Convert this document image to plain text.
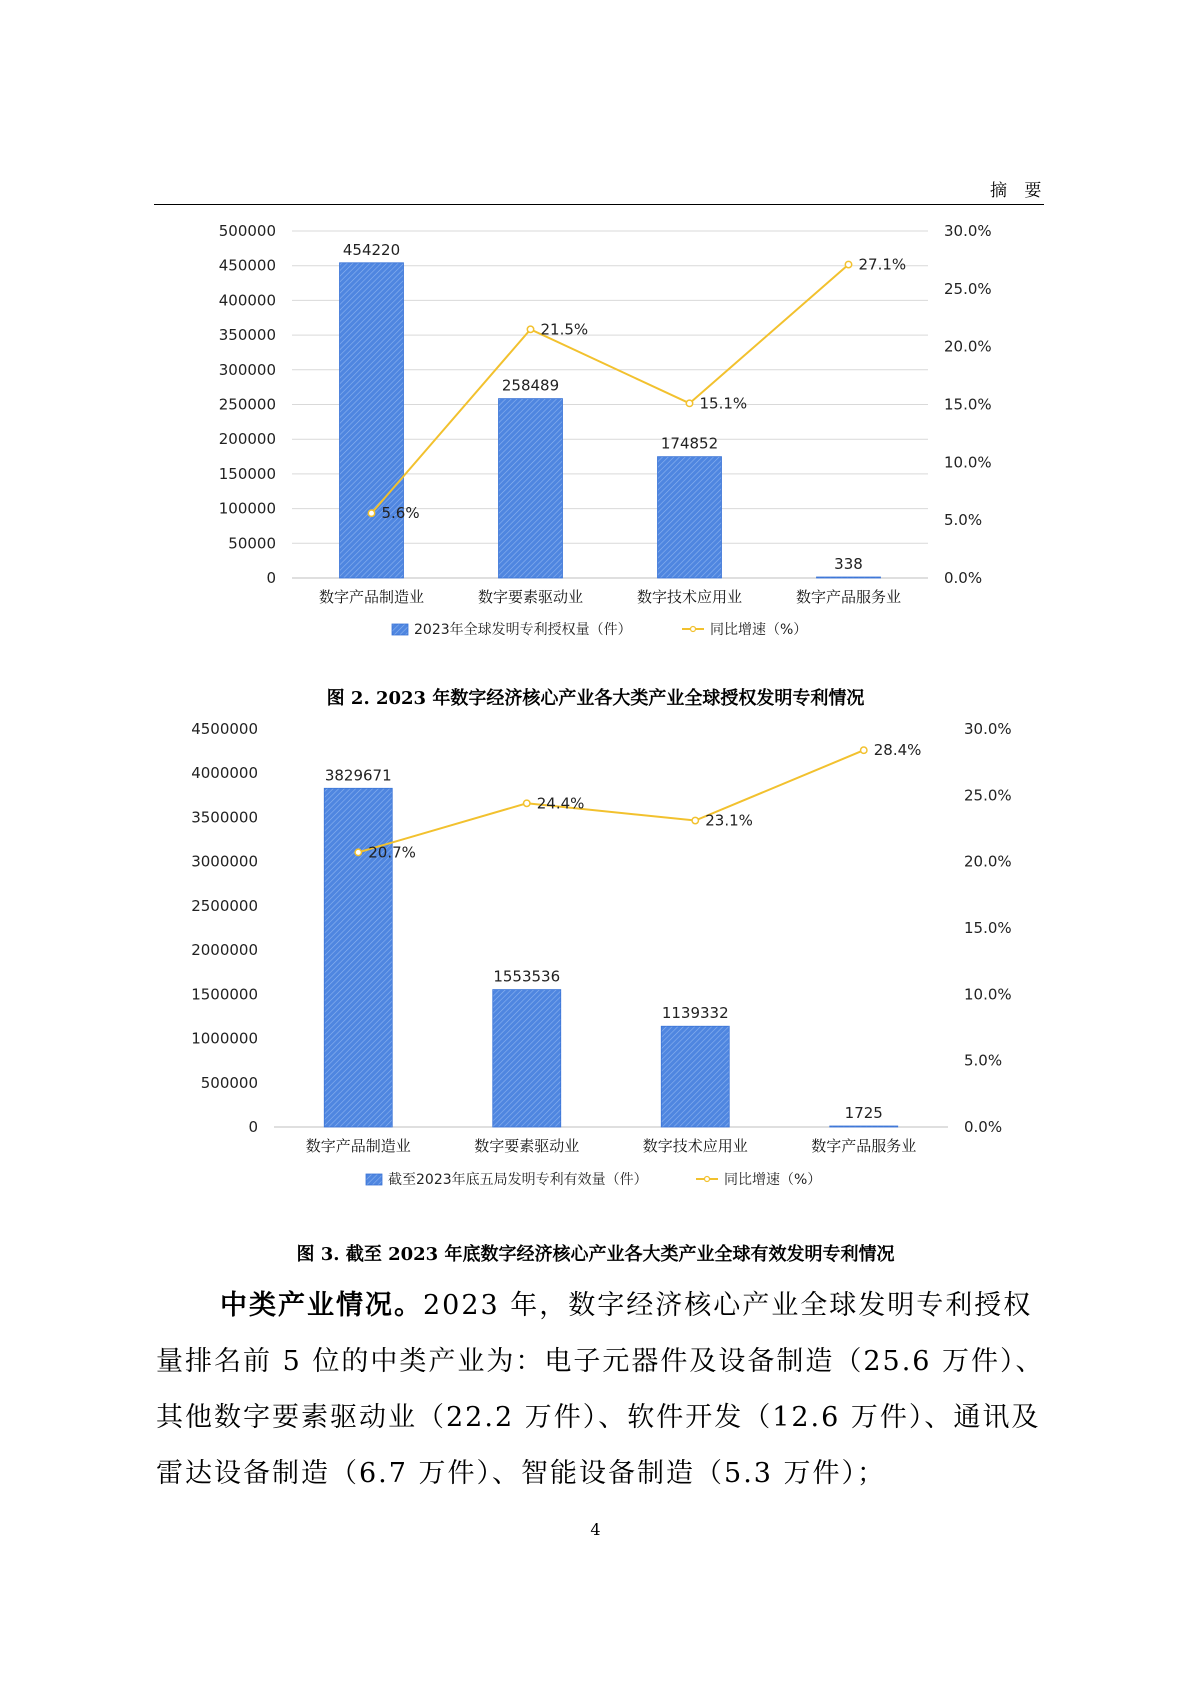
摘 要
0
50000
100000
150000
200000
250000
300000
350000
400000
450000
500000
0.0%
5.0%
10.0%
15.0%
20.0%
25.0%
30.0%
454220
258489
174852
338
数字产品制造业	数字要素驱动业	数字技术应用业	数字产品服务业
5.6%
21.5%
15.1%
27.1%
2023年全球发明专利授权量（件）	同比增速（%）
图 2. 2023 年数字经济核心产业各大类产业全球授权发明专利情况
0
500000
1000000
1500000
2000000
2500000
3000000
3500000
4000000
4500000
0.0%
5.0%
10.0%
15.0%
20.0%
25.0%
30.0%
3829671
1553536
1139332
1725
数字产品制造业	数字要素驱动业	数字技术应用业	数字产品服务业
20.7%
24.4%
23.1%
28.4%
截至2023年底五局发明专利有效量（件）	同比增速（%）
图 3. 截至 2023 年底数字经济核心产业各大类产业全球有效发明专利情况
中类产业情况。2023 年，数字经济核心产业全球发明专利授权量排名前 5 位的中类产业为：电子元器件及设备制造（25.6 万件）、其他数字要素驱动业（22.2 万件）、软件开发（12.6 万件）、通讯及雷达设备制造（6.7 万件）、智能设备制造（5.3 万件）；
4
